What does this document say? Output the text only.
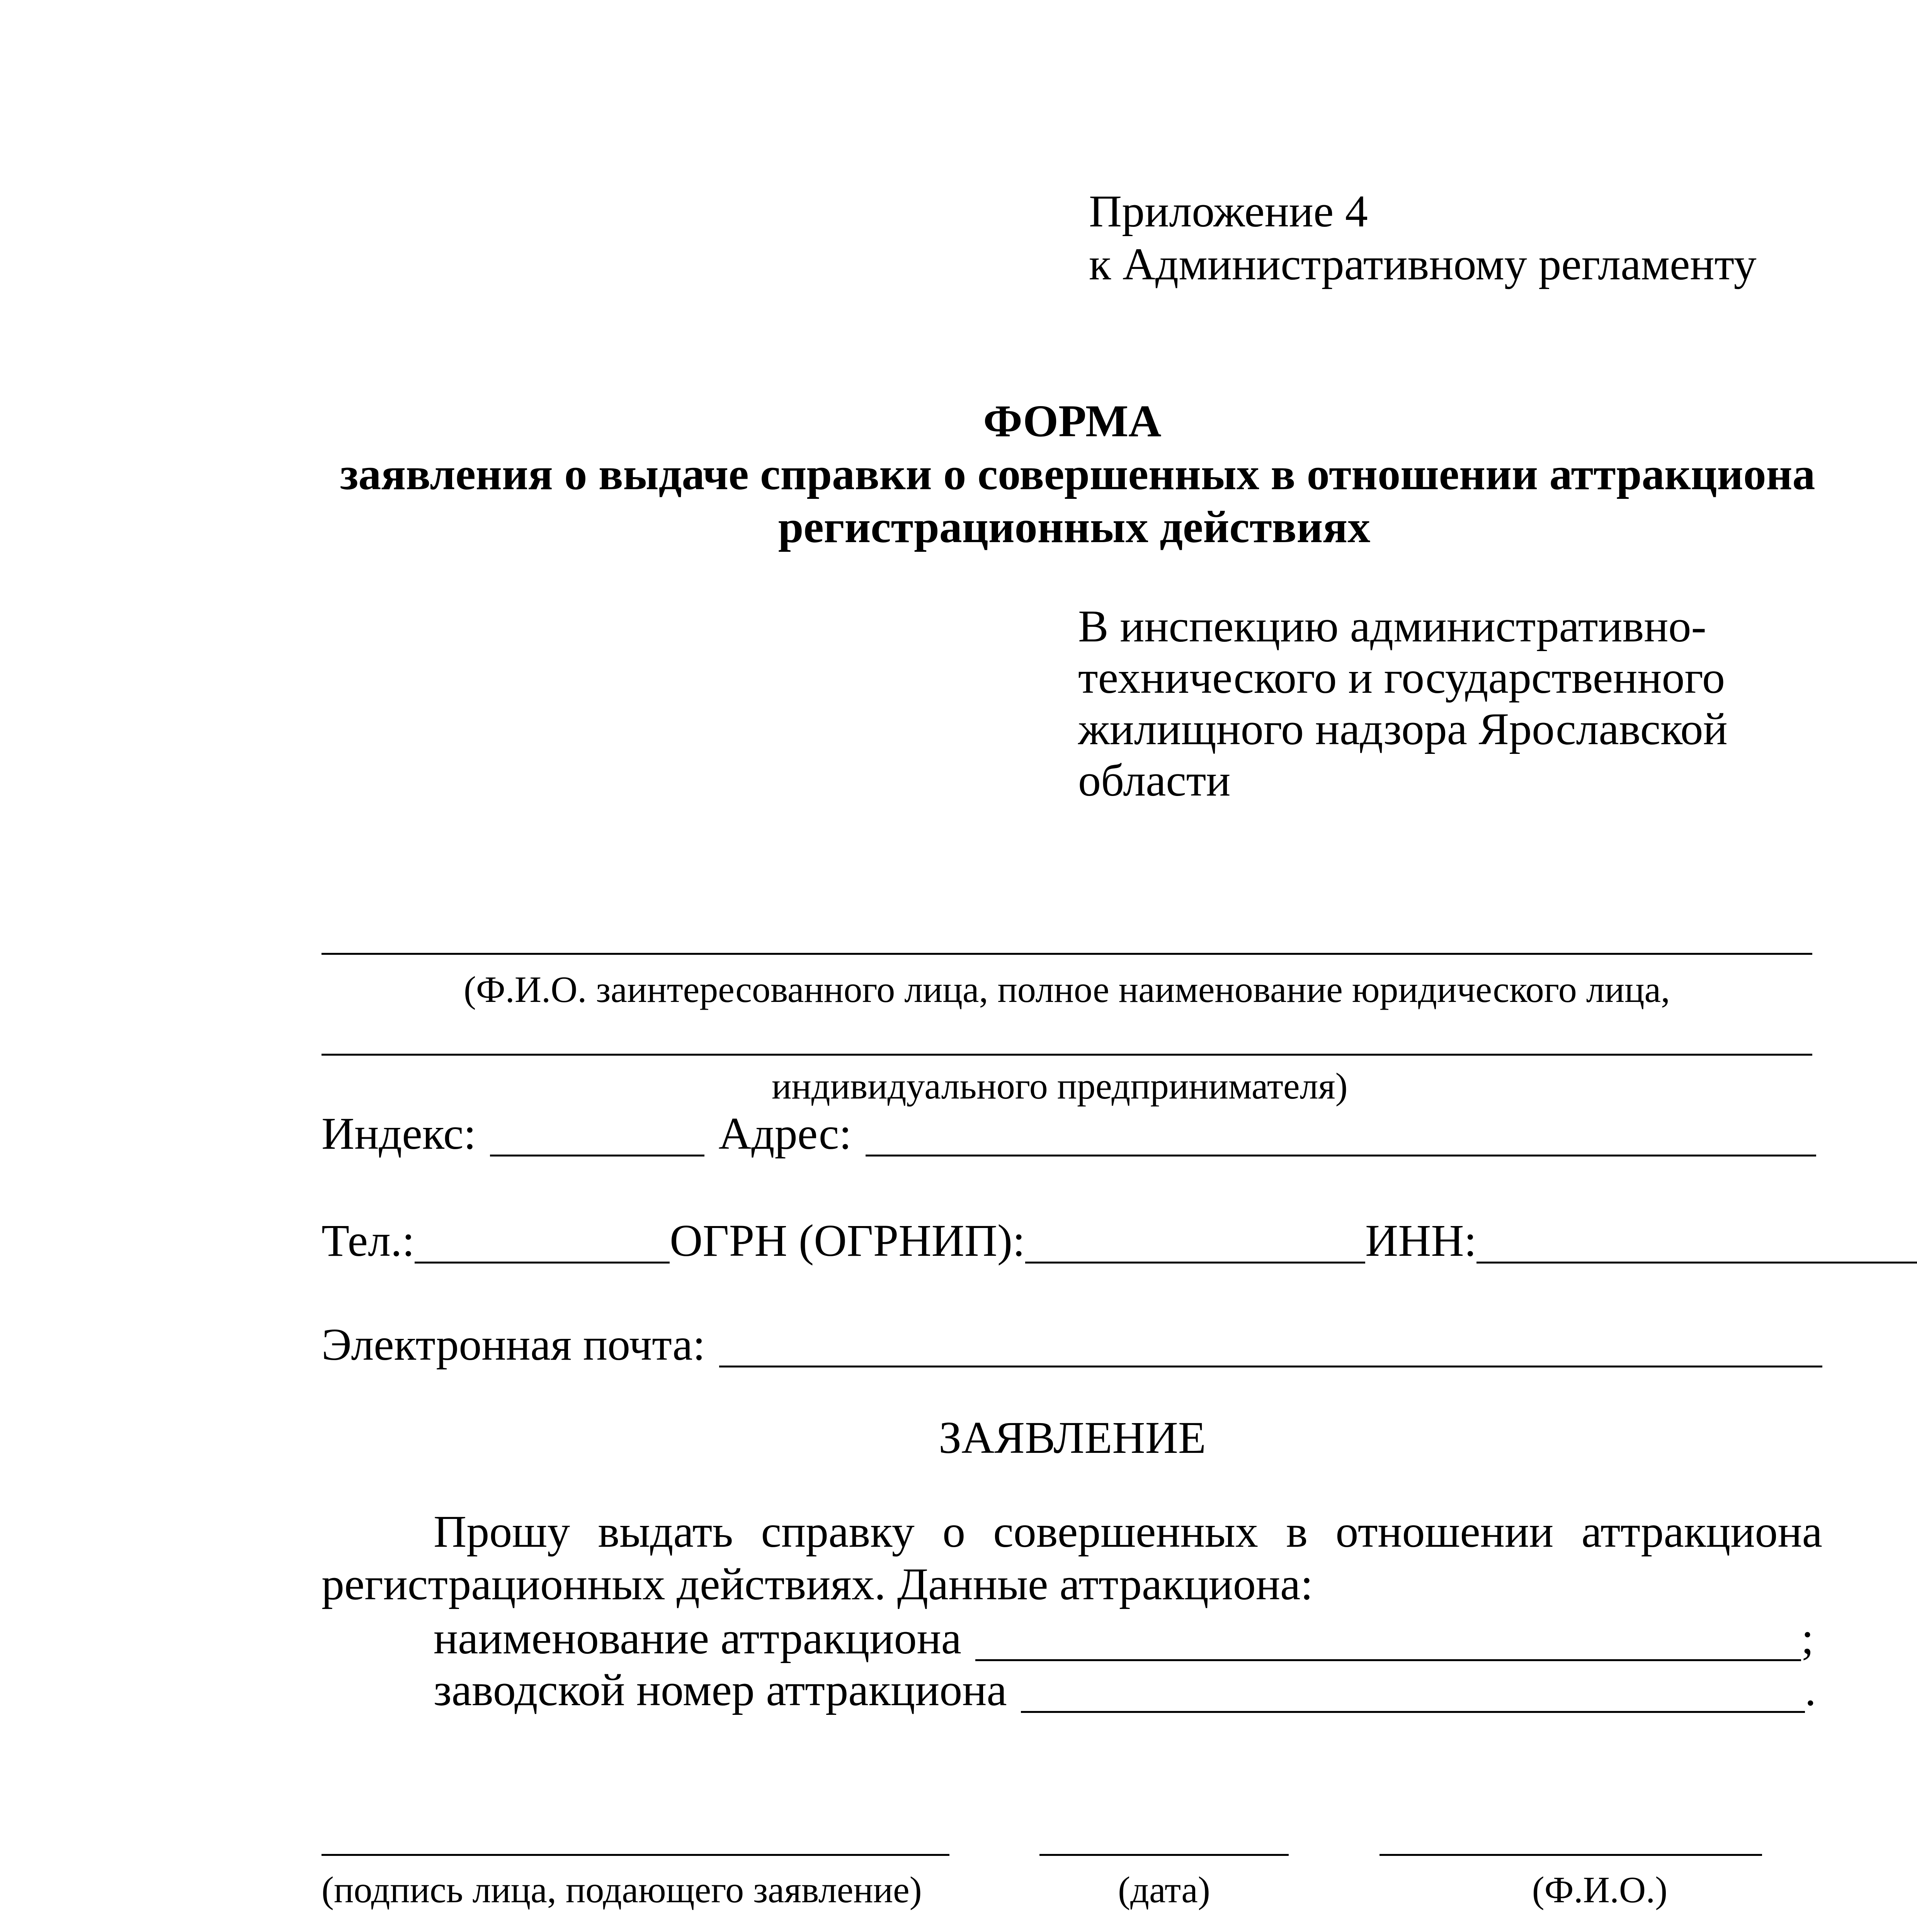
Приложение 4
к Административному регламенту
ФОРМА
заявления о выдаче справки о совершенных в отношении аттракциона
регистрационных действиях
В инспекцию административно-
технического и государственного
жилищного надзора Ярославской
области
(Ф.И.О. заинтересованного лица, полное наименование юридического лица,
индивидуального предпринимателя)
Индекс:	Адрес:
Тел.:	ОГРН (ОГРНИП):	ИНН:
Электронная почта:
ЗАЯВЛЕНИЕ
Прошу выдать справку о совершенных в отношении аттракциона
регистрационных действиях. Данные аттракциона:
наименование аттракциона	;
заводской номер аттракциона	.
(подпись лица, подающего заявление)	(дата)	(Ф.И.О.)
